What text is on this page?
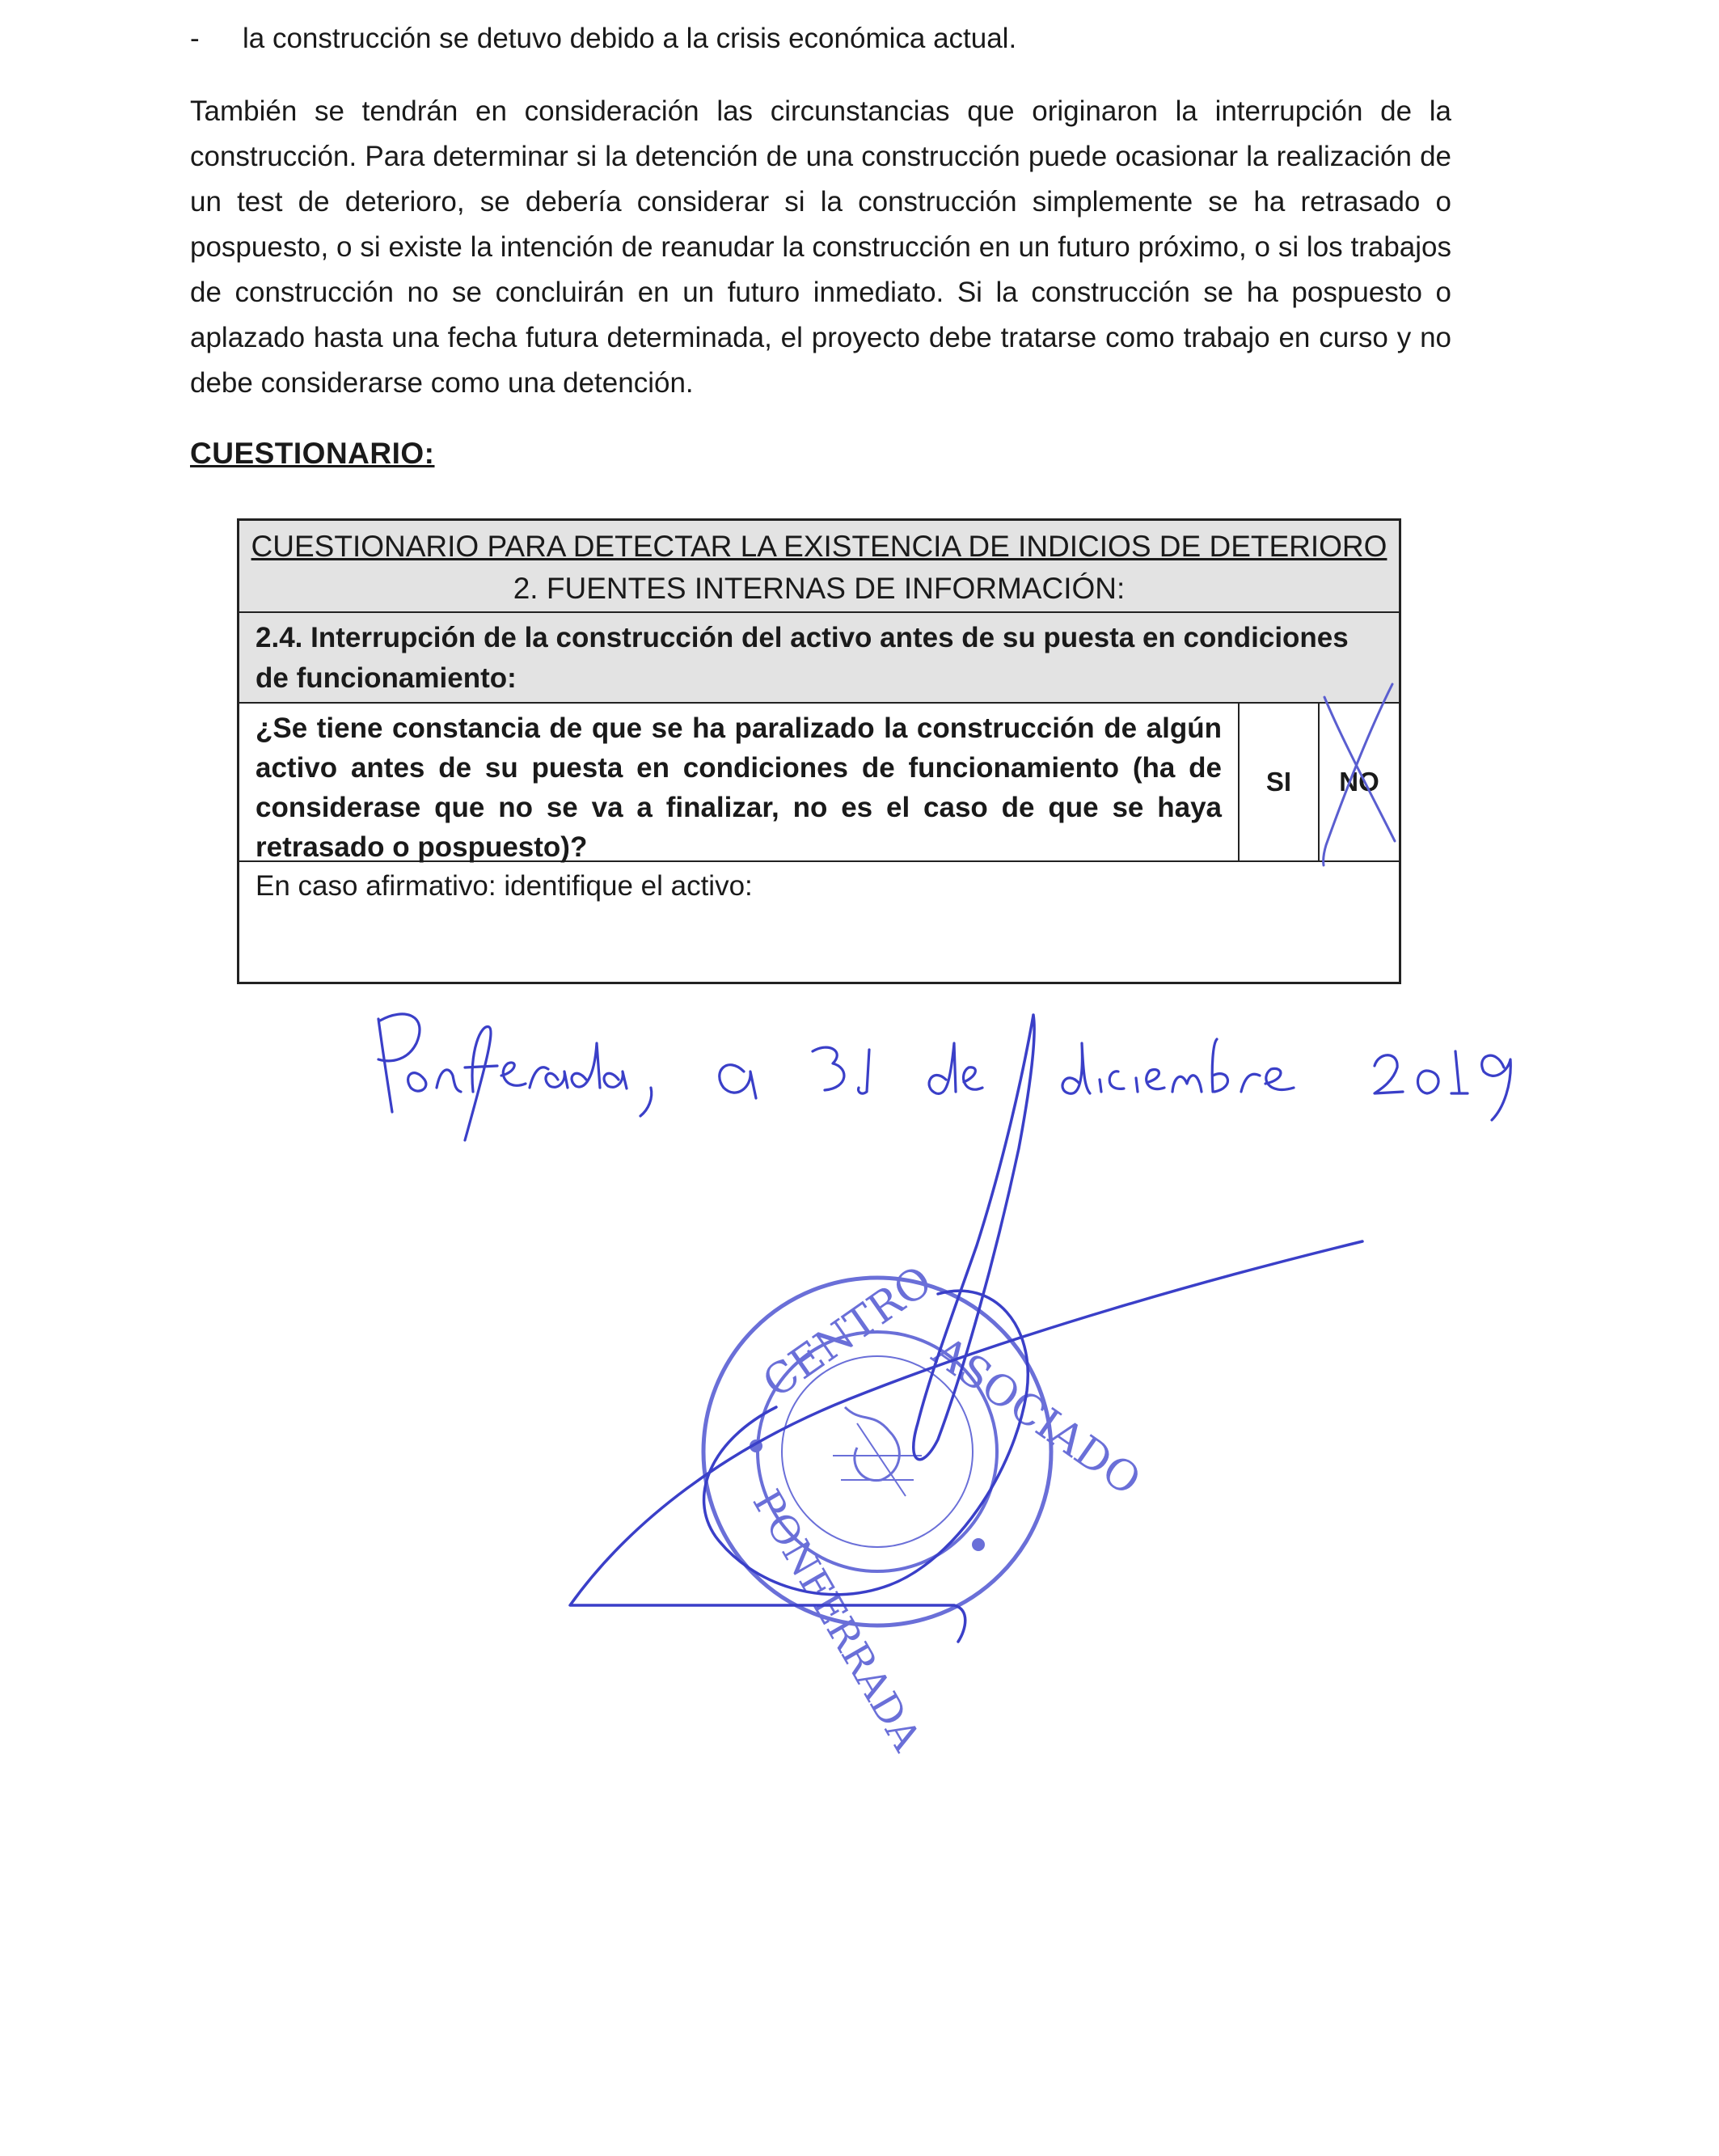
-	la construcción se detuvo debido a la crisis económica actual.
También se tendrán en consideración las circunstancias que originaron la interrupción de la construcción. Para determinar si la detención de una construcción puede ocasionar la realización de un test de deterioro, se debería considerar si la construcción simplemente se ha retrasado o pospuesto, o si existe la intención de reanudar la construcción en un futuro próximo, o si los trabajos de construcción no se concluirán en un futuro inmediato. Si la construcción se ha pospuesto o aplazado hasta una fecha futura determinada, el proyecto debe tratarse como trabajo en curso y no debe considerarse como una detención.
CUESTIONARIO:
CUESTIONARIO PARA DETECTAR LA EXISTENCIA DE INDICIOS DE DETERIORO
2. FUENTES INTERNAS DE INFORMACIÓN:
2.4. Interrupción de la construcción del activo antes de su puesta en condiciones de funcionamiento:
¿Se tiene constancia de que se ha paralizado la construcción de algún activo antes de su puesta en condiciones de funcionamiento (ha de considerase que no se va a finalizar, no es el caso de que se haya retrasado o pospuesto)?
SI	NO
En caso afirmativo: identifique el activo:
CENTRO
ASOCIADO
PONFERRADA
